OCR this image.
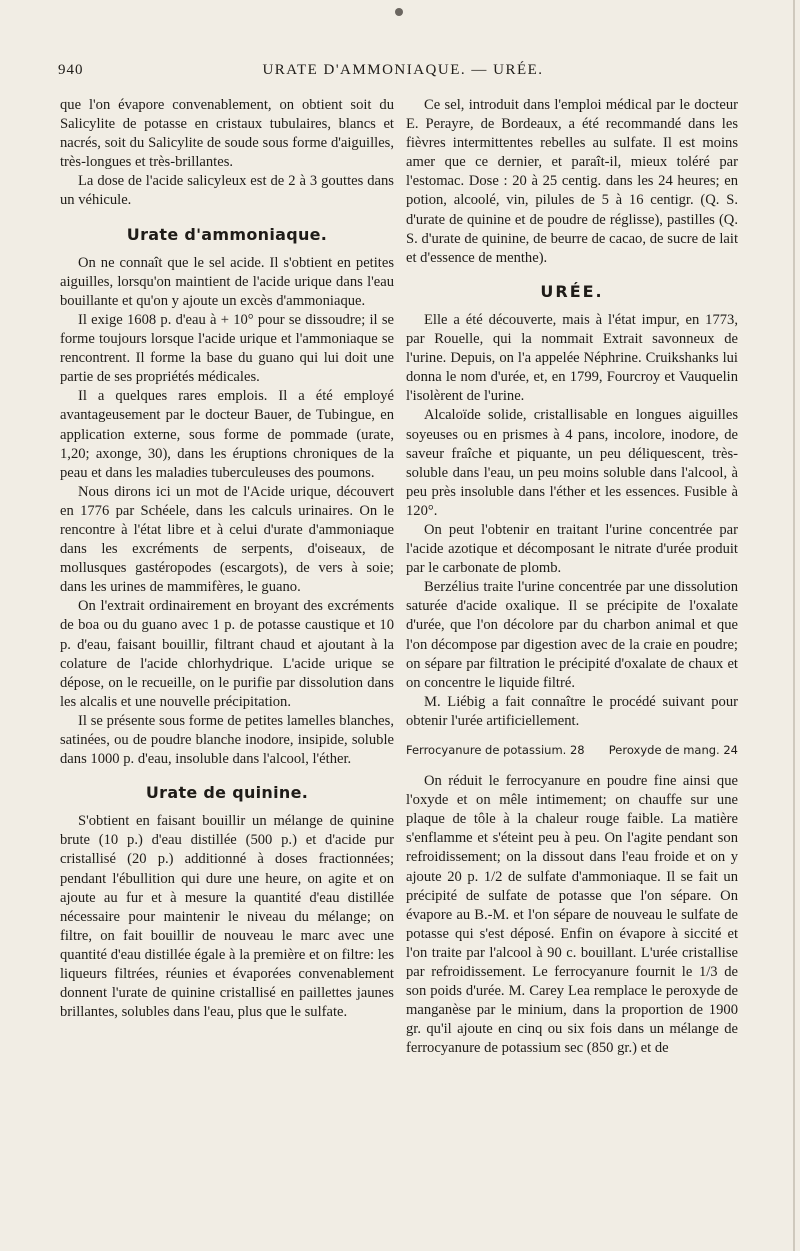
940	URATE D'AMMONIAQUE. — URÉE.

que l'on évapore convenablement, on obtient soit du Salicylite de potasse en cristaux tubulaires, blancs et nacrés, soit du Salicylite de soude sous forme d'aiguilles, très-longues et très-brillantes.

La dose de l'acide salicyleux est de 2 à 3 gouttes dans un véhicule.

Urate d'ammoniaque.

On ne connaît que le sel acide. Il s'obtient en petites aiguilles, lorsqu'on maintient de l'acide urique dans l'eau bouillante et qu'on y ajoute un excès d'ammoniaque.

Il exige 1608 p. d'eau à + 10° pour se dissoudre; il se forme toujours lorsque l'acide urique et l'ammoniaque se rencontrent. Il forme la base du guano qui lui doit une partie de ses propriétés médicales.

Il a quelques rares emplois. Il a été employé avantageusement par le docteur Bauer, de Tubingue, en application externe, sous forme de pommade (urate, 1,20; axonge, 30), dans les éruptions chroniques de la peau et dans les maladies tuberculeuses des poumons.

Nous dirons ici un mot de l'Acide urique, découvert en 1776 par Schéele, dans les calculs urinaires. On le rencontre à l'état libre et à celui d'urate d'ammoniaque dans les excréments de serpents, d'oiseaux, de mollusques gastéropodes (escargots), de vers à soie; dans les urines de mammifères, le guano.

On l'extrait ordinairement en broyant des excréments de boa ou du guano avec 1 p. de potasse caustique et 10 p. d'eau, faisant bouillir, filtrant chaud et ajoutant à la colature de l'acide chlorhydrique. L'acide urique se dépose, on le recueille, on le purifie par dissolution dans les alcalis et une nouvelle précipitation.

Il se présente sous forme de petites lamelles blanches, satinées, ou de poudre blanche inodore, insipide, soluble dans 1000 p. d'eau, insoluble dans l'alcool, l'éther.

Urate de quinine.

S'obtient en faisant bouillir un mélange de quinine brute (10 p.) d'eau distillée (500 p.) et d'acide pur cristallisé (20 p.) additionné à doses fractionnées; pendant l'ébullition qui dure une heure, on agite et on ajoute au fur et à mesure la quantité d'eau distillée nécessaire pour maintenir le niveau du mélange; on filtre, on fait bouillir de nouveau le marc avec une quantité d'eau distillée égale à la première et on filtre: les liqueurs filtrées, réunies et évaporées convenablement donnent l'urate de quinine cristallisé en paillettes jaunes brillantes, solubles dans l'eau, plus que le sulfate.

Ce sel, introduit dans l'emploi médical par le docteur E. Perayre, de Bordeaux, a été recommandé dans les fièvres intermittentes rebelles au sulfate. Il est moins amer que ce dernier, et paraît-il, mieux toléré par l'estomac. Dose : 20 à 25 centig. dans les 24 heures; en potion, alcoolé, vin, pilules de 5 à 16 centigr. (Q. S. d'urate de quinine et de poudre de réglisse), pastilles (Q. S. d'urate de quinine, de beurre de cacao, de sucre de lait et d'essence de menthe).

URÉE.

Elle a été découverte, mais à l'état impur, en 1773, par Rouelle, qui la nommait Extrait savonneux de l'urine. Depuis, on l'a appelée Néphrine. Cruikshanks lui donna le nom d'urée, et, en 1799, Fourcroy et Vauquelin l'isolèrent de l'urine.

Alcaloïde solide, cristallisable en longues aiguilles soyeuses ou en prismes à 4 pans, incolore, inodore, de saveur fraîche et piquante, un peu déliquescent, très-soluble dans l'eau, un peu moins soluble dans l'alcool, à peu près insoluble dans l'éther et les essences. Fusible à 120°.

On peut l'obtenir en traitant l'urine concentrée par l'acide azotique et décomposant le nitrate d'urée produit par le carbonate de plomb.

Berzélius traite l'urine concentrée par une dissolution saturée d'acide oxalique. Il se précipite de l'oxalate d'urée, que l'on décolore par du charbon animal et que l'on décompose par digestion avec de la craie en poudre; on sépare par filtration le précipité d'oxalate de chaux et on concentre le liquide filtré.

M. Liébig a fait connaître le procédé suivant pour obtenir l'urée artificiellement.

Ferrocyanure de potassium. 28 Peroxyde de mang. 24

On réduit le ferrocyanure en poudre fine ainsi que l'oxyde et on mêle intimement; on chauffe sur une plaque de tôle à la chaleur rouge faible. La matière s'enflamme et s'éteint peu à peu. On l'agite pendant son refroidissement; on la dissout dans l'eau froide et on y ajoute 20 p. 1/2 de sulfate d'ammoniaque. Il se fait un précipité de sulfate de potasse que l'on sépare. On évapore au B.-M. et l'on sépare de nouveau le sulfate de potasse qui s'est déposé. Enfin on évapore à siccité et l'on traite par l'alcool à 90 c. bouillant. L'urée cristallise par refroidissement. Le ferrocyanure fournit le 1/3 de son poids d'urée. M. Carey Lea remplace le peroxyde de manganèse par le minium, dans la proportion de 1900 gr. qu'il ajoute en cinq ou six fois dans un mélange de ferrocyanure de potassium sec (850 gr.) et de
